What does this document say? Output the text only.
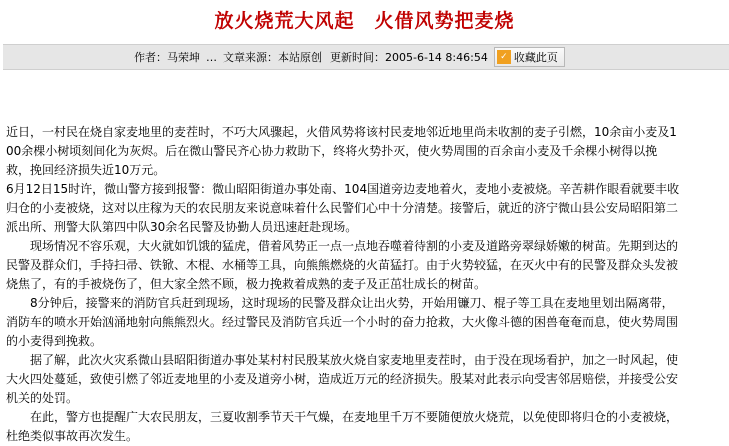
放火烧荒大风起　火借风势把麦烧
作者：马荣坤 … 文章来源：本站原创 更新时间：2005-6-14 8:46:54	✓ 收藏此页

近日，一村民在烧自家麦地里的麦茬时，不巧大风骤起，火借风势将该村民麦地邻近地里尚未收割的麦子引燃，10余亩小麦及1

00余棵小树顷刻间化为灰烬。后在微山警民齐心协力救助下，终将火势扑灭，使火势周围的百余亩小麦及千余棵小树得以挽

救，挽回经济损失近10万元。

6月12日15时许，微山警方接到报警：微山昭阳街道办事处南、104国道旁边麦地着火，麦地小麦被烧。辛苦耕作眼看就要丰收

归仓的小麦被烧，这对以庄稼为天的农民朋友来说意味着什么民警们心中十分清楚。接警后，就近的济宁微山县公安局昭阳第二

派出所、刑警大队第四中队30余名民警及协勤人员迅速赶赴现场。

　　现场情况不容乐观，大火就如饥饿的猛虎，借着风势正一点一点地吞噬着待割的小麦及道路旁翠绿娇嫩的树苗。先期到达的

民警及群众们，手持扫帚、铁锨、木棍、水桶等工具，向熊熊燃烧的火苗猛打。由于火势较猛，在灭火中有的民警及群众头发被

烧焦了，有的手被烧伤了，但大家全然不顾，极力挽救着成熟的麦子及正茁壮成长的树苗。

　　8分钟后，接警来的消防官兵赶到现场，这时现场的民警及群众让出火势，开始用镰刀、棍子等工具在麦地里划出隔离带，

消防车的喷水开始汹涌地射向熊熊烈火。经过警民及消防官兵近一个小时的奋力抢救，大火像斗德的困兽奄奄而息，使火势周围

的小麦得到挽救。

　　据了解，此次火灾系微山县昭阳街道办事处某村村民殷某放火烧自家麦地里麦茬时，由于没在现场看护，加之一时风起，使

大火四处蔓延，致使引燃了邻近麦地里的小麦及道旁小树，造成近万元的经济损失。殷某对此表示向受害邻居赔偿，并接受公安

机关的处罚。

　　在此，警方也提醒广大农民朋友，三夏收割季节天干气燥，在麦地里千万不要随便放火烧荒，以免使即将归仓的小麦被烧，

杜绝类似事故再次发生。
